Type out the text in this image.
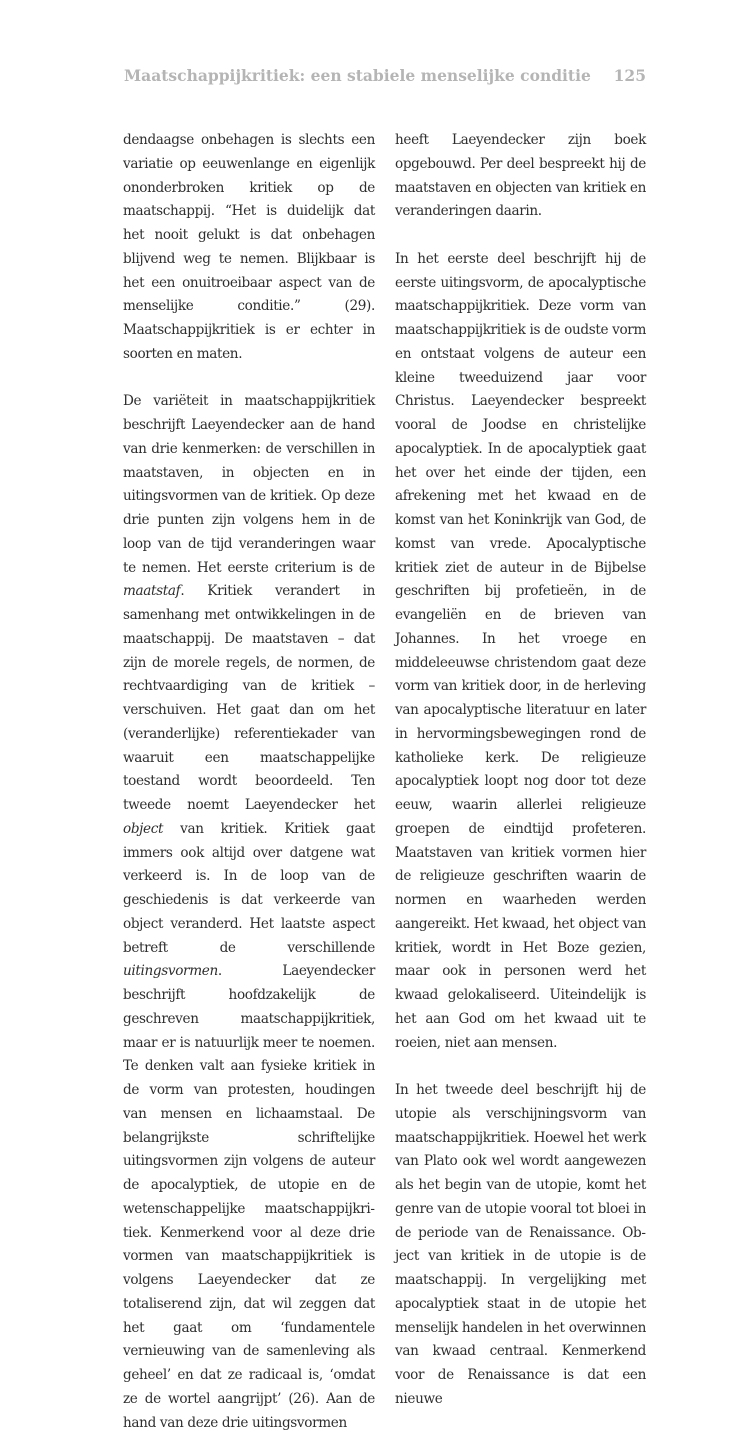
Maatschappijkritiek: een stabiele menselijke conditie 125

dendaagse onbehagen is slechts een variatie op eeuwenlange en eigenlijk ononderbroken kritiek op de maatschappij. “Het is duidelijk dat het nooit gelukt is dat onbehagen blijvend weg te nemen. Blijkbaar is het een onuitroeibaar aspect van de menselijke conditie.” (29). Maatschappijkritiek is er echter in soorten en maten.

De variëteit in maatschappijkritiek beschrijft Laeyendecker aan de hand van drie kenmerken: de verschillen in maatstaven, in objecten en in uitingsvormen van de kritiek. Op deze drie punten zijn volgens hem in de loop van de tijd veranderingen waar te nemen. Het eerste criterium is de maatstaf. Kritiek verandert in samenhang met ontwikkelingen in de maatschappij. De maatstaven – dat zijn de morele regels, de normen, de rechtvaardiging van de kritiek – verschuiven. Het gaat dan om het (veranderlijke) referentiekader van waaruit een maatschappelijke toestand wordt beoordeeld. Ten tweede noemt Laeyendecker het object van kritiek. Kritiek gaat immers ook altijd over datgene wat verkeerd is. In de loop van de geschiedenis is dat verkeerde van object veranderd. Het laatste aspect betreft de verschillende uitingsvormen. Laeyendecker beschrijft hoofdzakelijk de geschreven maatschappijkritiek, maar er is natuurlijk meer te noemen. Te denken valt aan fysieke kritiek in de vorm van protesten, houdingen van mensen en lichaamstaal. De belangrijkste schriftelijke uitingsvormen zijn volgens de auteur de apocalyptiek, de utopie en de wetenschappelijke maatschappijkritiek. Kenmerkend voor al deze drie vormen van maatschappijkritiek is volgens Laeyendecker dat ze totaliserend zijn, dat wil zeggen dat het gaat om ‘fundamentele vernieuwing van de samenleving als geheel’ en dat ze radicaal is, ‘omdat ze de wortel aangrijpt’ (26). Aan de hand van deze drie uitingsvormen

heeft Laeyendecker zijn boek opgebouwd. Per deel bespreekt hij de maatstaven en objecten van kritiek en veranderingen daarin.

In het eerste deel beschrijft hij de eerste uitingsvorm, de apocalyptische maatschappijkritiek. Deze vorm van maatschappijkritiek is de oudste vorm en ontstaat volgens de auteur een kleine tweeduizend jaar voor Christus. Laeyendecker bespreekt vooral de Joodse en christelijke apocalyptiek. In de apocalyptiek gaat het over het einde der tijden, een afrekening met het kwaad en de komst van het Koninkrijk van God, de komst van vrede. Apocalyptische kritiek ziet de auteur in de Bijbelse geschriften bij profetieën, in de evangeliën en de brieven van Johannes. In het vroege en middeleeuwse christendom gaat deze vorm van kritiek door, in de herleving van apocalyptische literatuur en later in hervormingsbewegingen rond de katholieke kerk. De religieuze apocalyptiek loopt nog door tot deze eeuw, waarin allerlei religieuze groepen de eindtijd profeteren. Maatstaven van kritiek vormen hier de religieuze geschriften waarin de normen en waarheden werden aangereikt. Het kwaad, het object van kritiek, wordt in Het Boze gezien, maar ook in personen werd het kwaad gelokaliseerd. Uiteindelijk is het aan God om het kwaad uit te roeien, niet aan mensen.

In het tweede deel beschrijft hij de utopie als verschijningsvorm van maatschappijkritiek. Hoewel het werk van Plato ook wel wordt aangewezen als het begin van de utopie, komt het genre van de utopie vooral tot bloei in de periode van de Renaissance. Object van kritiek in de utopie is de maatschappij. In vergelijking met apocalyptiek staat in de utopie het menselijk handelen in het overwinnen van kwaad centraal. Kenmerkend voor de Renaissance is dat een nieuwe
